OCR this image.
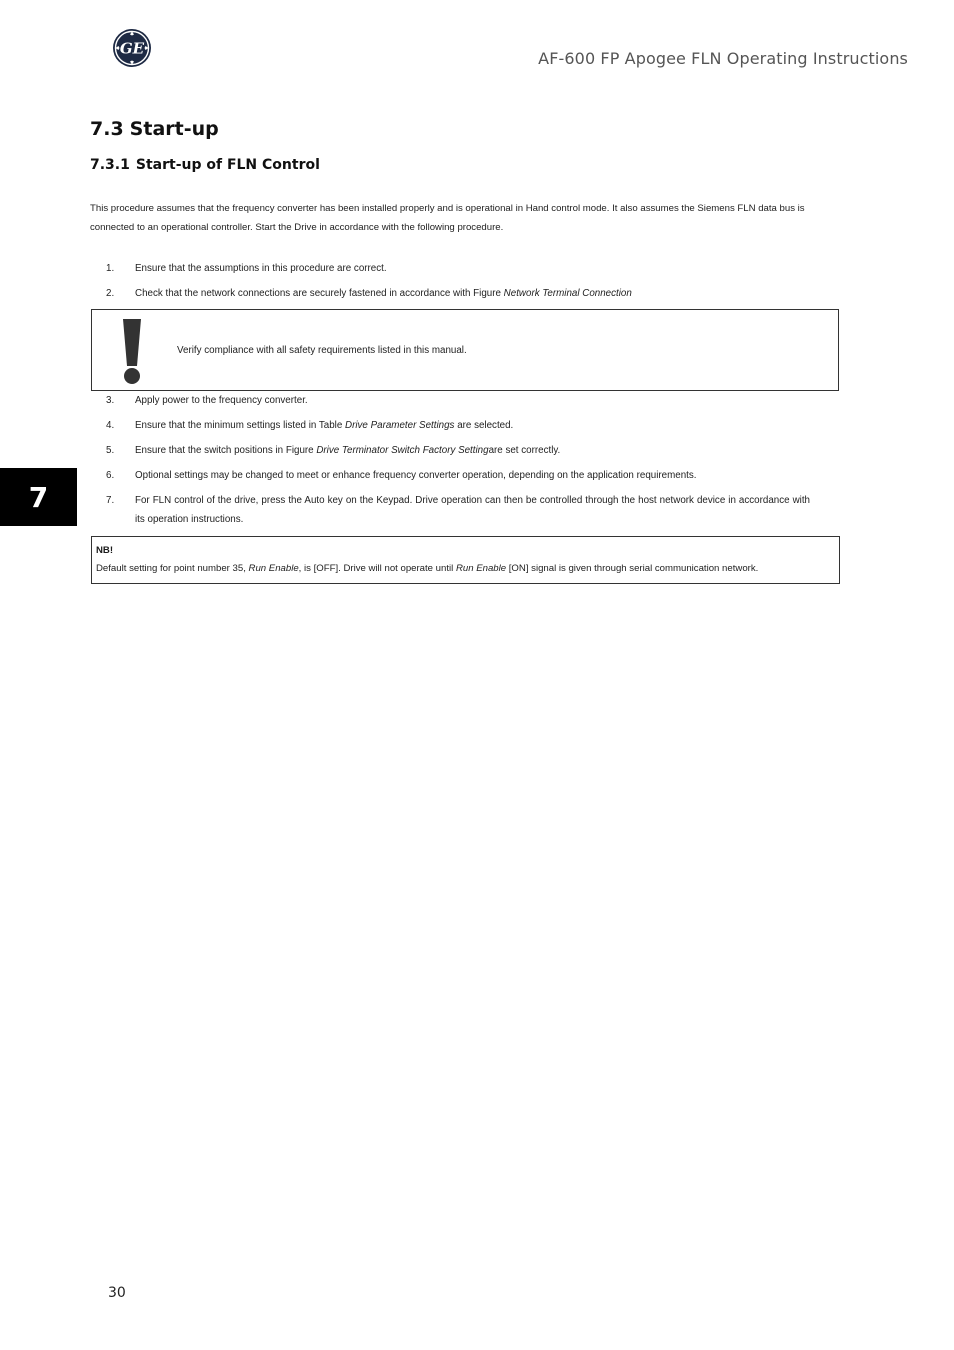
GE
AF-600 FP Apogee FLN Operating Instructions
7.3 Start-up
7.3.1 Start-up of FLN Control

This procedure assumes that the frequency converter has been installed properly and is operational in Hand control mode. It also assumes the Siemens FLN data bus is connected to an operational controller. Start the Drive in accordance with the following procedure.

1. Ensure that the assumptions in this procedure are correct.
2. Check that the network connections are securely fastened in accordance with Figure Network Terminal Connection
Verify compliance with all safety requirements listed in this manual.
3. Apply power to the frequency converter.
4. Ensure that the minimum settings listed in Table Drive Parameter Settings are selected.
5. Ensure that the switch positions in Figure Drive Terminator Switch Factory Settingare set correctly.
6. Optional settings may be changed to meet or enhance frequency converter operation, depending on the application requirements.
7. For FLN control of the drive, press the Auto key on the Keypad. Drive operation can then be controlled through the host network device in accordance with its operation instructions.
NB!
Default setting for point number 35, Run Enable, is [OFF]. Drive will not operate until Run Enable [ON] signal is given through serial communication network.
7
30
